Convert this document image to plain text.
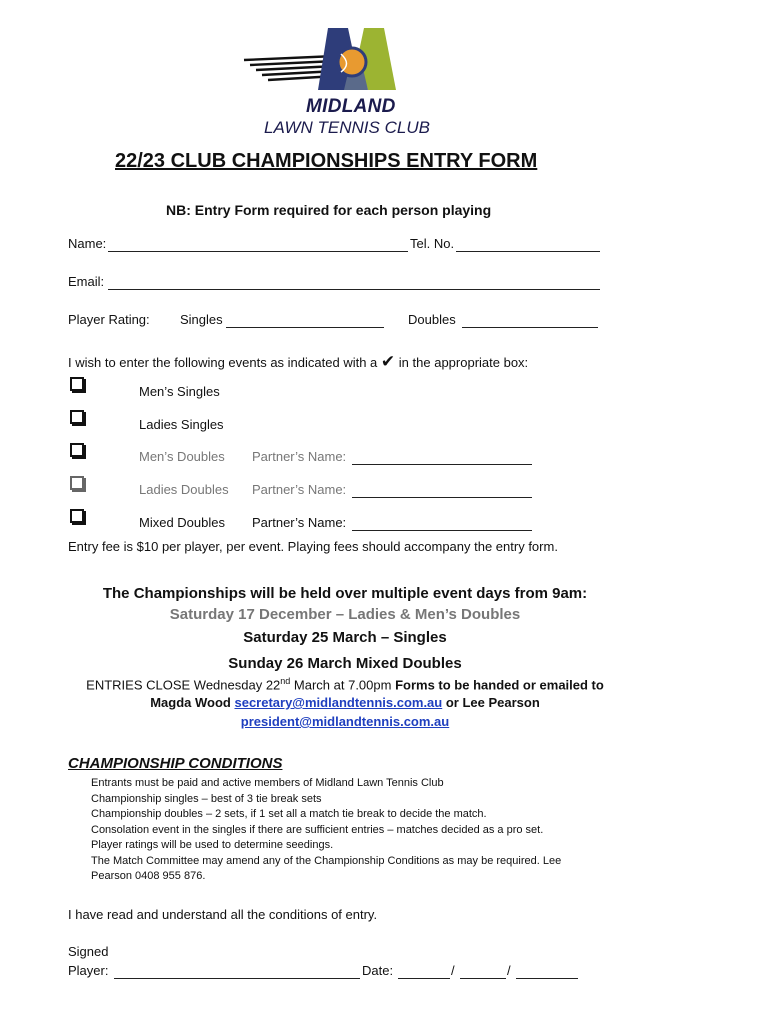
MIDLAND
LAWN TENNIS CLUB
22/23 CLUB CHAMPIONSHIPS ENTRY FORM
NB: Entry Form required for each person playing
Name:	Tel. No.
Email:
Player Rating: Singles	Doubles
I wish to enter the following events as indicated with a ✔ in the appropriate box:
Men’s Singles
Ladies Singles
Men’s Doubles Partner’s Name:
Ladies Doubles Partner’s Name:
Mixed Doubles Partner’s Name:
Entry fee is $10 per player, per event. Playing fees should accompany the entry form.
The Championships will be held over multiple event days from 9am:
Saturday 17 December – Ladies & Men’s Doubles
Saturday 25 March – Singles
Sunday 26 March Mixed Doubles
ENTRIES CLOSE Wednesday 22nd March at 7.00pm Forms to be handed or emailed to
Magda Wood secretary@midlandtennis.com.au or Lee Pearson
president@midlandtennis.com.au
CHAMPIONSHIP CONDITIONS
Entrants must be paid and active members of Midland Lawn Tennis Club
Championship singles – best of 3 tie break sets
Championship doubles – 2 sets, if 1 set all a match tie break to decide the match.
Consolation event in the singles if there are sufficient entries – matches decided as a pro set.
Player ratings will be used to determine seedings.
The Match Committee may amend any of the Championship Conditions as may be required. Lee
Pearson 0408 955 876.
I have read and understand all the conditions of entry.
Signed
Player:	Date:	/	/
